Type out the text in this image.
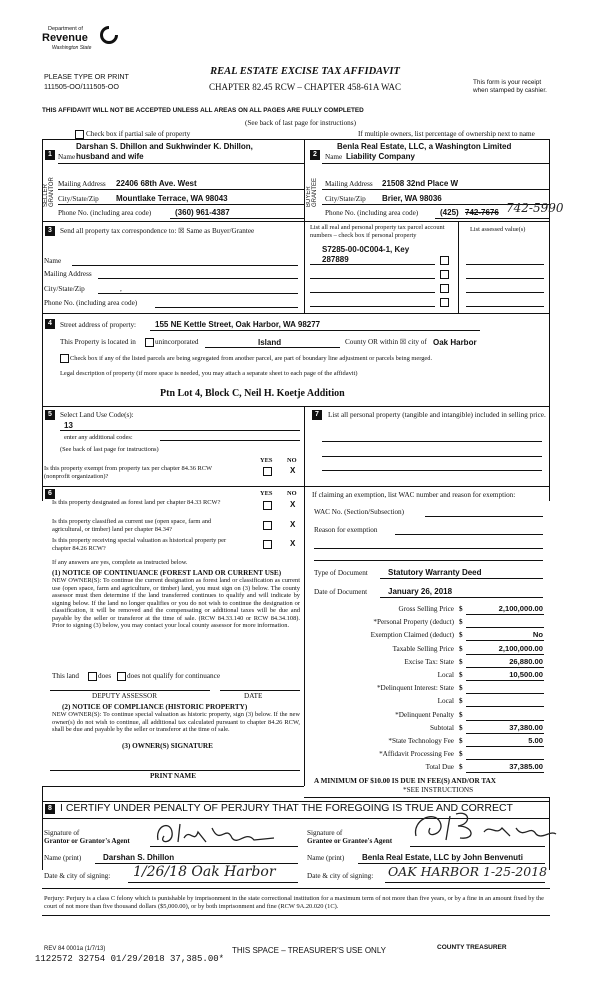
Department of
Revenue
Washington State
PLEASE TYPE OR PRINT
111505-OO/111505-OO
REAL ESTATE EXCISE TAX AFFIDAVIT
CHAPTER 82.45 RCW – CHAPTER 458-61A WAC	This form is your receipt
when stamped by cashier.
THIS AFFIDAVIT WILL NOT BE ACCEPTED UNLESS ALL AREAS ON ALL PAGES ARE FULLY COMPLETED
(See back of last page for instructions)
Check box if partial sale of property	If multiple owners, list percentage of ownership next to name
1
SELLER GRANTOR
Darshan S. Dhillon and Sukhwinder K. Dhillon,
Name husband and wife
Mailing Address 22406 68th Ave. West
City/State/Zip Mountlake Terrace, WA 98043
Phone No. (including area code)	(360) 961-4387
2
BUYER GRANTEE
Benla Real Estate, LLC, a Washington Limited
Name Liability Company
Mailing Address 21508 32nd Place W
City/State/Zip Brier, WA 98036
Phone No. (including area code)	(425) 742-7676 742-5990
3	Send all property tax correspondence to: ☒ Same as Buyer/Grantee	List all real and personal property tax parcel account numbers – check box if personal property
List assessed value(s)
S7285-00-0C004-1, Key
287889
Name
Mailing Address
City/State/Zip	,
Phone No. (including area code)
4	Street address of property: 155 NE Kettle Street, Oak Harbor, WA 98277
This Property is located in	unincorporated	Island	County OR within ☒ city of Oak Harbor
Check box if any of the listed parcels are being segregated from another parcel, are part of boundary line adjustment or parcels being merged.
Legal description of property (if more space is needed, you may attach a separate sheet to each page of the affidavit)
Ptn Lot 4, Block C, Neil H. Koetje Addition
5	Select Land Use Code(s):
13
enter any additional codes:
(See back of last page for instructions)
YES NO
Is this property exempt from property tax per chapter 84.36 RCW (nonprofit organization)?
X
7	List all personal property (tangible and intangible) included in selling price.
6	YES NO
Is this property designated as forest land per chapter 84.33 RCW?	X
Is this property classified as current use (open space, farm and agricultural, or timber) land per chapter 84.34?	X
Is this property receiving special valuation as historical property per chapter 84.26 RCW?	X
If any answers are yes, complete as instructed below.
(1) NOTICE OF CONTINUANCE (FOREST LAND OR CURRENT USE)
NEW OWNER(S): To continue the current designation as forest land or classification as current use (open space, farm and agriculture, or timber) land, you must sign on (3) below. The county assessor must then determine if the land transferred continues to qualify and will indicate by signing below. If the land no longer qualifies or you do not wish to continue the designation or classification, it will be removed and the compensating or additional taxes will be due and payable by the seller or transferor at the time of sale. (RCW 84.33.140 or RCW 84.34.108). Prior to signing (3) below, you may contact your local county assessor for more information.
This land	does does not qualify for continuance
DEPUTY ASSESSOR	DATE
(2) NOTICE OF COMPLIANCE (HISTORIC PROPERTY)
NEW OWNER(S): To continue special valuation as historic property, sign (3) below. If the new owner(s) do not wish to continue, all additional tax calculated pursuant to chapter 84.26 RCW, shall be due and payable by the seller or transferor at the time of sale.
(3) OWNER(S) SIGNATURE
PRINT NAME
If claiming an exemption, list WAC number and reason for exemption:
WAC No. (Section/Subsection)
Reason for exemption
Type of Document	Statutory Warranty Deed
Date of Document	January 26, 2018
Gross Selling Price $	2,100,000.00
*Personal Property (deduct) $
Exemption Claimed (deduct) $	No
Taxable Selling Price $	2,100,000.00
Excise Tax: State $	26,880.00
Local $	10,500.00
*Delinquent Interest: State $
Local $
*Delinquent Penalty $
Subtotal $	37,380.00
*State Technology Fee $	5.00
*Affidavit Processing Fee $
Total Due $	37,385.00
A MINIMUM OF $10.00 IS DUE IN FEE(S) AND/OR TAX
*SEE INSTRUCTIONS
8 I CERTIFY UNDER PENALTY OF PERJURY THAT THE FOREGOING IS TRUE AND CORRECT
Signature of
Grantor or Grantor's Agent
Name (print)	Darshan S. Dhillon
Date & city of signing: 1/26/18 Oak Harbor
Signature of
Grantee or Grantee's Agent
Name (print) Benla Real Estate, LLC by John Benvenuti
Date & city of signing: OAK HARBOR 1-25-2018
Perjury: Perjury is a class C felony which is punishable by imprisonment in the state correctional institution for a maximum term of not more than five years, or by a fine in an amount fixed by the court of not more than five thousand dollars ($5,000.00), or by both imprisonment and fine (RCW 9A.20.020 (1C).
REV 84 0001a (1/7/13)
1122572 32754 01/29/2018 37,385.00*
THIS SPACE – TREASURER'S USE ONLY	COUNTY TREASURER
